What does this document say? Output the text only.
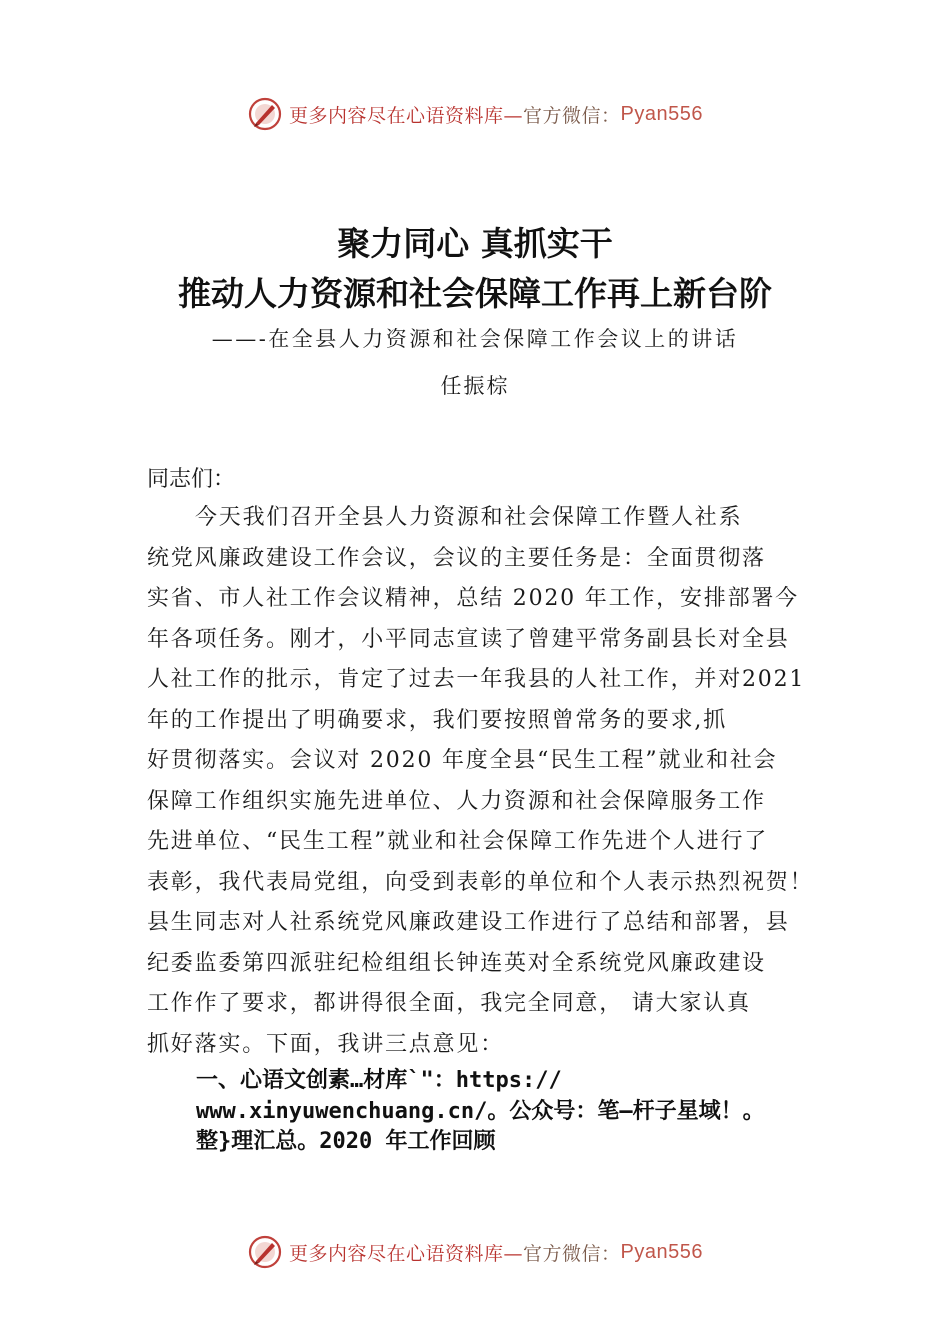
更多内容尽在心语资料库— 官方微信： Pyan556
聚力同心 真抓实干
推动人力资源和社会保障工作再上新台阶
——-在全县人力资源和社会保障工作会议上的讲话
任振棕
同志们：
今天我们召开全县人力资源和社会保障工作暨人社系
统党风廉政建设工作会议，会议的主要任务是：全面贯彻落
实省、市人社工作会议精神，总结 2020 年工作，安排部署今
年各项任务。刚才，小平同志宣读了曾建平常务副县长对全县
人社工作的批示，肯定了过去一年我县的人社工作，并对2021
年的工作提出了明确要求，我们要按照曾常务的要求,抓
好贯彻落实。会议对 2020 年度全县“民生工程”就业和社会
保障工作组织实施先进单位、人力资源和社会保障服务工作
先进单位、“民生工程”就业和社会保障工作先进个人进行了
表彰，我代表局党组，向受到表彰的单位和个人表示热烈祝贺！
县生同志对人社系统党风廉政建设工作进行了总结和部署，县
纪委监委第四派驻纪检组组长钟连英对全系统党风廉政建设
工作作了要求，都讲得很全面，我完全同意， 请大家认真
抓好落实。下面，我讲三点意见：
一、心语文创素…材库`"：https://
www.xinyuwenchuang.cn/。公众号：笔—杆子星域！。
整}理汇总。2020 年工作回顾
更多内容尽在心语资料库— 官方微信： Pyan556
